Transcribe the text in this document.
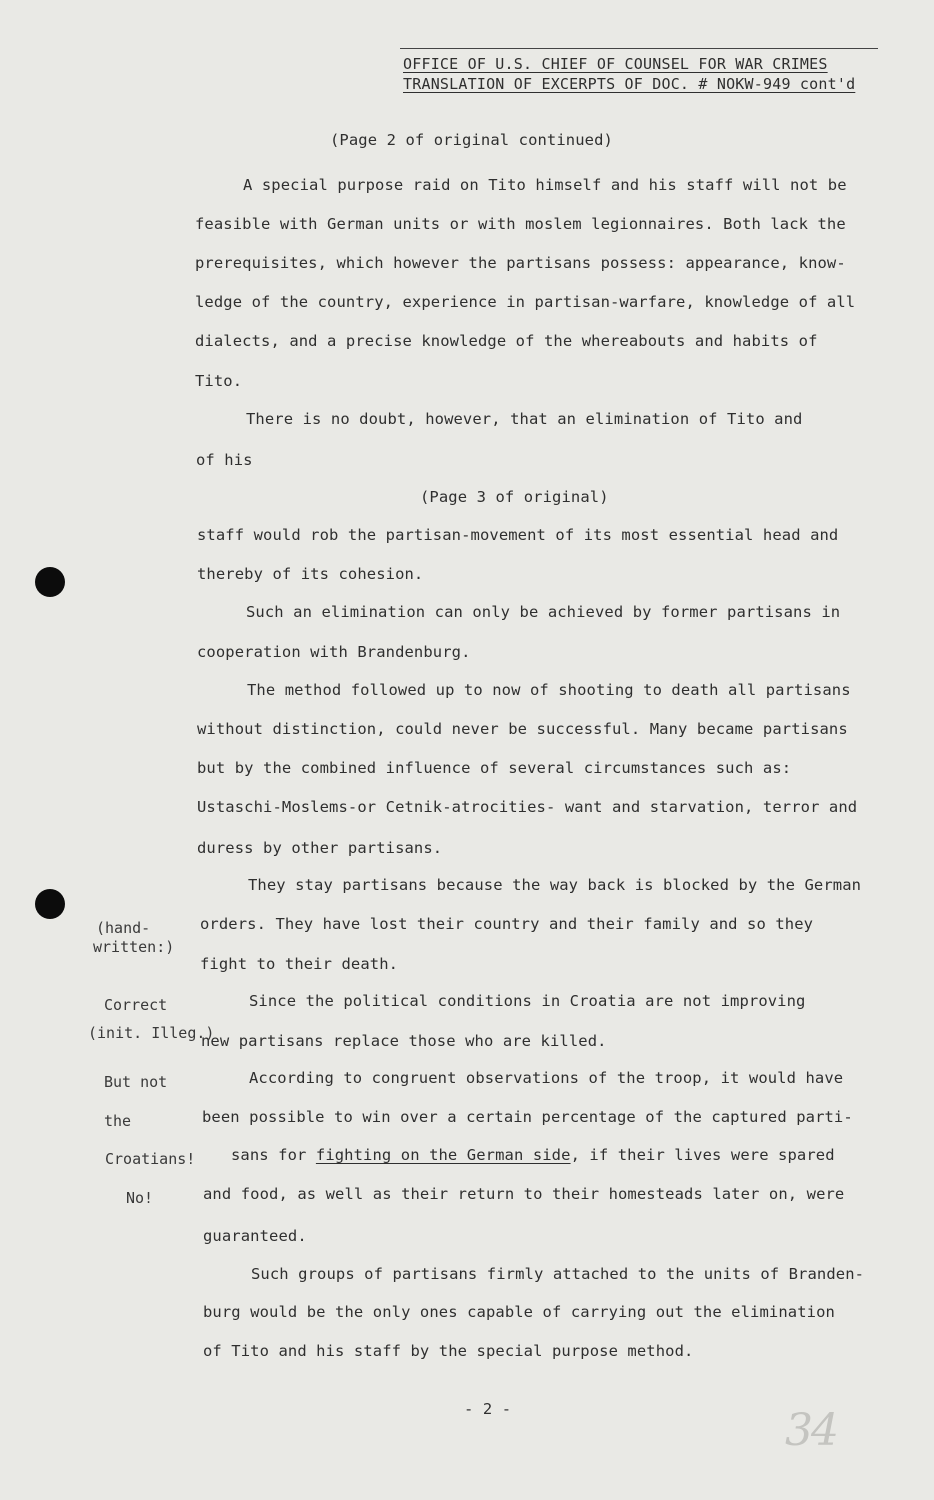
OFFICE OF U.S. CHIEF OF COUNSEL FOR WAR CRIMES
TRANSLATION OF EXCERPTS OF DOC. # NOKW-949 cont'd
(Page 2 of original continued)
A special purpose raid on Tito himself and his staff will not be
feasible with German units or with moslem legionnaires. Both lack the
prerequisites, which however the partisans possess: appearance, know-
ledge of the country, experience in partisan-warfare, knowledge of all
dialects, and a precise knowledge of the whereabouts and habits of
Tito.
There is no doubt, however, that an elimination of Tito and
of his
(Page 3 of original)
staff would rob the partisan-movement of its most essential head and
thereby of its cohesion.
Such an elimination can only be achieved by former partisans in
cooperation with Brandenburg.
The method followed up to now of shooting to death all partisans
without distinction, could never be successful. Many became partisans
but by the combined influence of several circumstances such as:
Ustaschi-Moslems-or Cetnik-atrocities- want and starvation, terror and
duress by other partisans.
They stay partisans because the way back is blocked by the German
orders. They have lost their country and their family and so they
fight to their death.
Since the political conditions in Croatia are not improving
new partisans replace those who are killed.
According to congruent observations of the troop, it would have
been possible to win over a certain percentage of the captured parti-
sans for fighting on the German side, if their lives were spared
and food, as well as their return to their homesteads later on, were
guaranteed.
Such groups of partisans firmly attached to the units of Branden-
burg would be the only ones capable of carrying out the elimination
of Tito and his staff by the special purpose method.
(hand-
written:)
Correct
(init. Illeg.)
But not
the
Croatians!
No!
- 2 -	34
